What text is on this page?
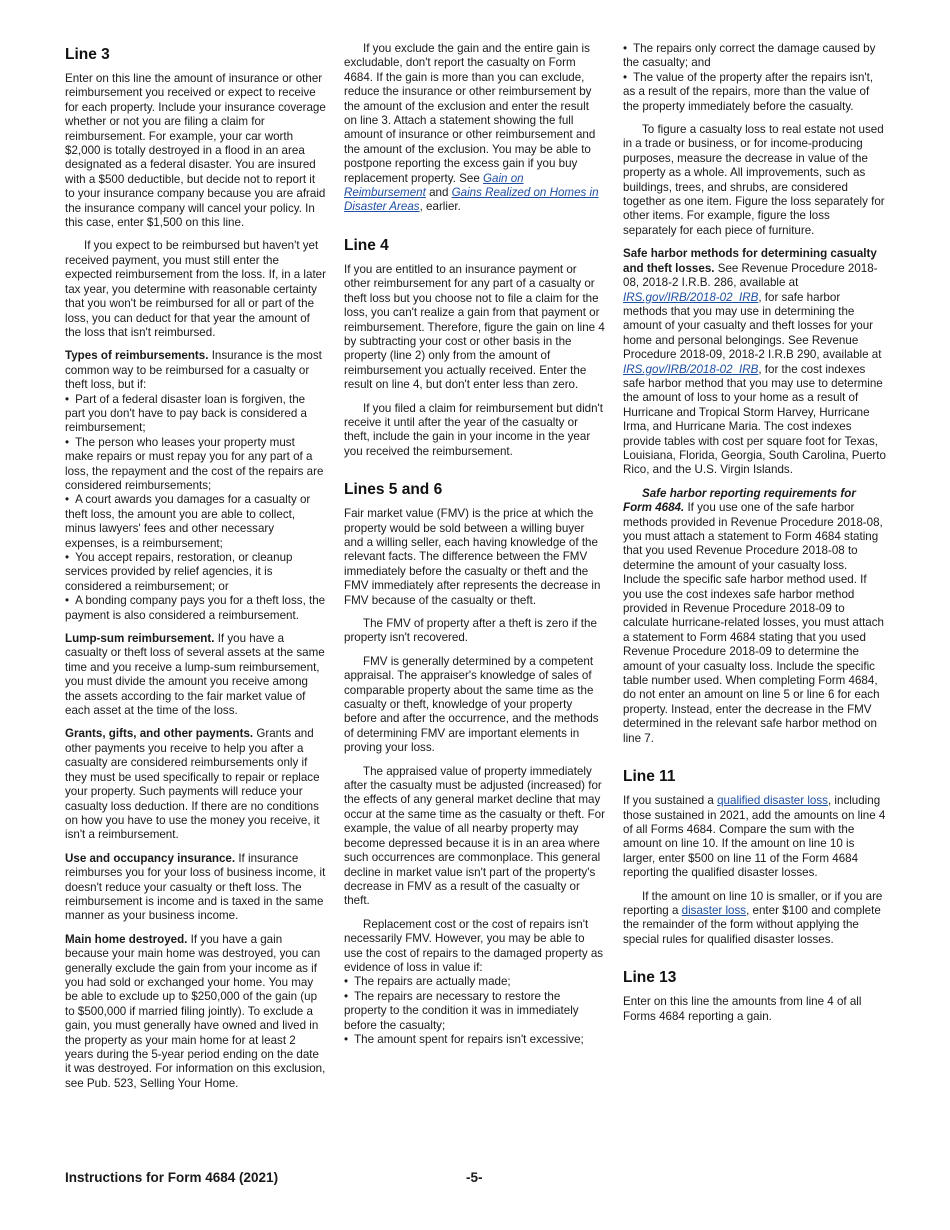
Line 3

Enter on this line the amount of insurance or other reimbursement you received or expect to receive for each property. Include your insurance coverage whether or not you are filing a claim for reimbursement. For example, your car worth $2,000 is totally destroyed in a flood in an area designated as a federal disaster. You are insured with a $500 deductible, but decide not to report it to your insurance company because you are afraid the insurance company will cancel your policy. In this case, enter $1,500 on this line.

If you expect to be reimbursed but haven't yet received payment, you must still enter the expected reimbursement from the loss. If, in a later tax year, you determine with reasonable certainty that you won't be reimbursed for all or part of the loss, you can deduct for that year the amount of the loss that isn't reimbursed.

Types of reimbursements. Insurance is the most common way to be reimbursed for a casualty or theft loss, but if:

• Part of a federal disaster loan is forgiven, the part you don't have to pay back is considered a reimbursement;
• The person who leases your property must make repairs or must repay you for any part of a loss, the repayment and the cost of the repairs are considered reimbursements;
• A court awards you damages for a casualty or theft loss, the amount you are able to collect, minus lawyers' fees and other necessary expenses, is a reimbursement;
• You accept repairs, restoration, or cleanup services provided by relief agencies, it is considered a reimbursement; or
• A bonding company pays you for a theft loss, the payment is also considered a reimbursement.

Lump-sum reimbursement. If you have a casualty or theft loss of several assets at the same time and you receive a lump-sum reimbursement, you must divide the amount you receive among the assets according to the fair market value of each asset at the time of the loss.

Grants, gifts, and other payments. Grants and other payments you receive to help you after a casualty are considered reimbursements only if they must be used specifically to repair or replace your property. Such payments will reduce your casualty loss deduction. If there are no conditions on how you have to use the money you receive, it isn't a reimbursement.

Use and occupancy insurance. If insurance reimburses you for your loss of business income, it doesn't reduce your casualty or theft loss. The reimbursement is income and is taxed in the same manner as your business income.

Main home destroyed. If you have a gain because your main home was destroyed, you can generally exclude the gain from your income as if you had sold or exchanged your home. You may be able to exclude up to $250,000 of the gain (up to $500,000 if married filing jointly). To exclude a gain, you must generally have owned and lived in the property as your main home for at least 2 years during the 5-year period ending on the date it was destroyed. For information on this exclusion, see Pub. 523, Selling Your Home.

If you exclude the gain and the entire gain is excludable, don't report the casualty on Form 4684. If the gain is more than you can exclude, reduce the insurance or other reimbursement by the amount of the exclusion and enter the result on line 3. Attach a statement showing the full amount of insurance or other reimbursement and the amount of the exclusion. You may be able to postpone reporting the excess gain if you buy replacement property. See Gain on Reimbursement and Gains Realized on Homes in Disaster Areas, earlier.

Line 4

If you are entitled to an insurance payment or other reimbursement for any part of a casualty or theft loss but you choose not to file a claim for the loss, you can't realize a gain from that payment or reimbursement. Therefore, figure the gain on line 4 by subtracting your cost or other basis in the property (line 2) only from the amount of reimbursement you actually received. Enter the result on line 4, but don't enter less than zero.

If you filed a claim for reimbursement but didn't receive it until after the year of the casualty or theft, include the gain in your income in the year you received the reimbursement.

Lines 5 and 6

Fair market value (FMV) is the price at which the property would be sold between a willing buyer and a willing seller, each having knowledge of the relevant facts. The difference between the FMV immediately before the casualty or theft and the FMV immediately after represents the decrease in FMV because of the casualty or theft.

The FMV of property after a theft is zero if the property isn't recovered.

FMV is generally determined by a competent appraisal. The appraiser's knowledge of sales of comparable property about the same time as the casualty or theft, knowledge of your property before and after the occurrence, and the methods of determining FMV are important elements in proving your loss.

The appraised value of property immediately after the casualty must be adjusted (increased) for the effects of any general market decline that may occur at the same time as the casualty or theft. For example, the value of all nearby property may become depressed because it is in an area where such occurrences are commonplace. This general decline in market value isn't part of the property's decrease in FMV as a result of the casualty or theft.

Replacement cost or the cost of repairs isn't necessarily FMV. However, you may be able to use the cost of repairs to the damaged property as evidence of loss in value if:

• The repairs are actually made;
• The repairs are necessary to restore the property to the condition it was in immediately before the casualty;
• The amount spent for repairs isn't excessive;
• The repairs only correct the damage caused by the casualty; and
• The value of the property after the repairs isn't, as a result of the repairs, more than the value of the property immediately before the casualty.

To figure a casualty loss to real estate not used in a trade or business, or for income-producing purposes, measure the decrease in value of the property as a whole. All improvements, such as buildings, trees, and shrubs, are considered together as one item. Figure the loss separately for other items. For example, figure the loss separately for each piece of furniture.

Safe harbor methods for determining casualty and theft losses. See Revenue Procedure 2018-08, 2018-2 I.R.B. 286, available at IRS.gov/IRB/2018-02_IRB, for safe harbor methods that you may use in determining the amount of your casualty and theft losses for your home and personal belongings. See Revenue Procedure 2018-09, 2018-2 I.R.B 290, available at IRS.gov/IRB/2018-02_IRB, for the cost indexes safe harbor method that you may use to determine the amount of loss to your home as a result of Hurricane and Tropical Storm Harvey, Hurricane Irma, and Hurricane Maria. The cost indexes provide tables with cost per square foot for Texas, Louisiana, Florida, Georgia, South Carolina, Puerto Rico, and the U.S. Virgin Islands.

Safe harbor reporting requirements for Form 4684. If you use one of the safe harbor methods provided in Revenue Procedure 2018-08, you must attach a statement to Form 4684 stating that you used Revenue Procedure 2018-08 to determine the amount of your casualty loss. Include the specific safe harbor method used. If you use the cost indexes safe harbor method provided in Revenue Procedure 2018-09 to calculate hurricane-related losses, you must attach a statement to Form 4684 stating that you used Revenue Procedure 2018-09 to determine the amount of your casualty loss. Include the specific table number used. When completing Form 4684, do not enter an amount on line 5 or line 6 for each property. Instead, enter the decrease in the FMV determined in the relevant safe harbor method on line 7.

Line 11

If you sustained a qualified disaster loss, including those sustained in 2021, add the amounts on line 4 of all Forms 4684. Compare the sum with the amount on line 10. If the amount on line 10 is larger, enter $500 on line 11 of the Form 4684 reporting the qualified disaster losses.

If the amount on line 10 is smaller, or if you are reporting a disaster loss, enter $100 and complete the remainder of the form without applying the special rules for qualified disaster losses.

Line 13

Enter on this line the amounts from line 4 of all Forms 4684 reporting a gain.

Instructions for Form 4684 (2021)	-5-
